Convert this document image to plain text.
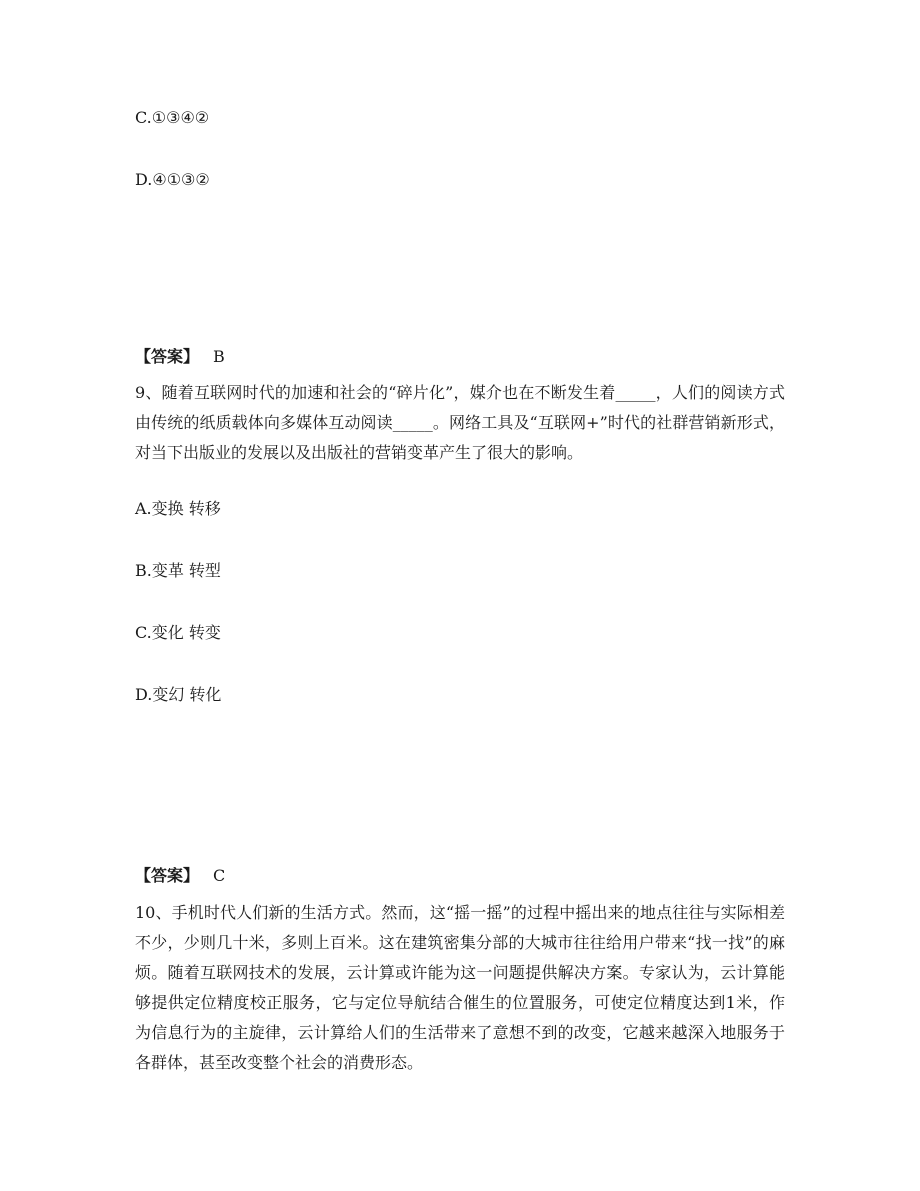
C.①③④②
D.④①③②
【答案】 B
9、随着互联网时代的加速和社会的“碎片化”，媒介也在不断发生着_____，人们的阅读方式由传统的纸质载体向多媒体互动阅读_____。网络工具及“互联网+”时代的社群营销新形式，对当下出版业的发展以及出版社的营销变革产生了很大的影响。
A.变换 转移
B.变革 转型
C.变化 转变
D.变幻 转化
【答案】 C
10、手机时代人们新的生活方式。然而，这“摇一摇”的过程中摇出来的地点往往与实际相差不少，少则几十米，多则上百米。这在建筑密集分部的大城市往往给用户带来“找一找”的麻烦。随着互联网技术的发展，云计算或许能为这一问题提供解决方案。专家认为，云计算能够提供定位精度校正服务，它与定位导航结合催生的位置服务，可使定位精度达到1米，作为信息行为的主旋律，云计算给人们的生活带来了意想不到的改变，它越来越深入地服务于各群体，甚至改变整个社会的消费形态。
